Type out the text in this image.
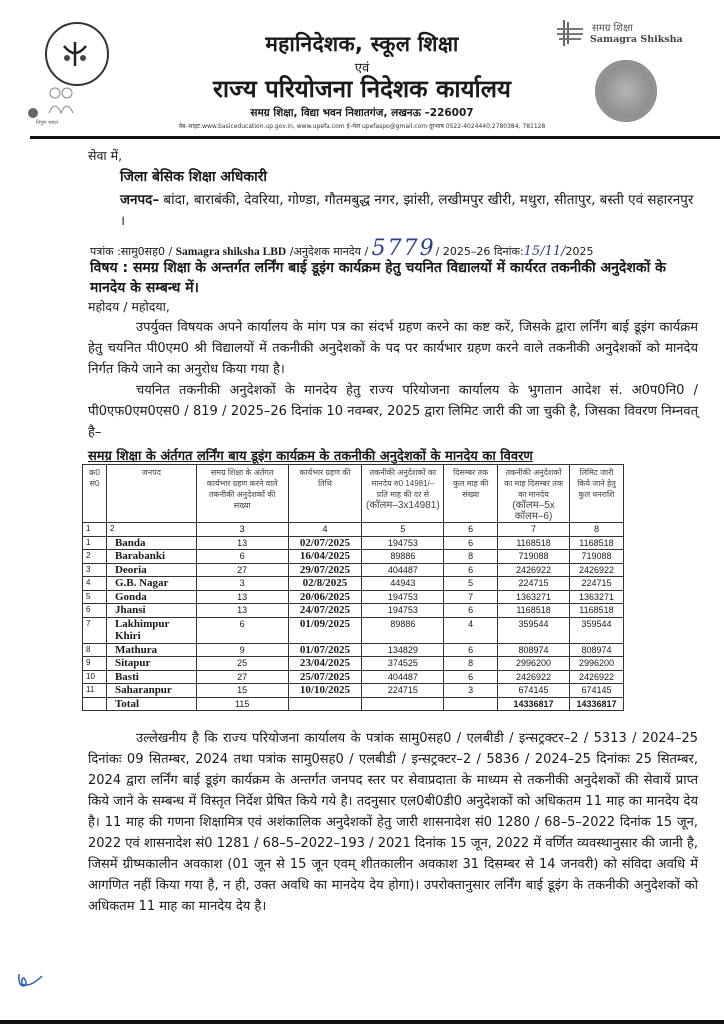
निपुण भारत
महानिदेशक, स्कूल शिक्षा
एवं
राज्य परियोजना निदेशक कार्यालय
समग्र शिक्षा, विद्या भवन निशातगंज, लखनऊ –226007
वेब–साइट:www.basiceducation.up.gov.in, www.upefa.com ई–मेल upefaspo@gmail.com दूरभाष 0522-4024440,2780384, 781128
समग्र शिक्षा
Samagra Shiksha
सेवा में,
जिला बेसिक शिक्षा अधिकारी
जनपद– बांदा, बाराबंकी, देवरिया, गोण्डा, गौतमबुद्ध नगर, झांसी, लखीमपुर खीरी, मथुरा, सीतापुर, बस्ती एवं सहारनपुर ।
पत्रांक :सामु0सह0 / Samagra shiksha LBD /अनुदेशक मानदेय / 5779/ 2025–26 दिनांक:15/11/2025
विषय : समग्र शिक्षा के अन्तर्गत लर्निंग बाई डूइंग कार्यक्रम हेतु चयनित विद्यालयों में कार्यरत तकनीकी अनुदेशकों के मानदेय के सम्बन्ध में।
महोदय / महोदया,
उपर्युक्त विषयक अपने कार्यालय के मांग पत्र का संदर्भ ग्रहण करने का कष्ट करें, जिसके द्वारा लर्निंग बाई डूइंग कार्यक्रम हेतु चयनित पी0एम0 श्री विद्यालयों में तकनीकी अनुदेशकों के पद पर कार्यभार ग्रहण करने वाले तकनीकी अनुदेशकों को मानदेय निर्गत किये जाने का अनुरोध किया गया है।
चयनित तकनीकी अनुदेशकों के मानदेय हेतु राज्य परियोजना कार्यालय के भुगतान आदेश सं. अ0प0नि0 / पी0एफ0एम0एस0 / 819 / 2025–26 दिनांक 10 नवम्बर, 2025 द्वारा लिमिट जारी की जा चुकी है, जिसका विवरण निम्नवत् है–
समग्र शिक्षा के अंर्तगत लर्निंग बाय डूइंग कार्यक्रम के तकनीकी अनुदेशकों के मानदेय का विवरण
क्र0 सं0	जनपद	समग्र शिक्षा के अंर्तगत कार्यभार ग्रहण करने वाले तकनीकी अनुदेशकों की संख्या	कार्यभार ग्रहण की तिथि	तकनीकी अनुदेशकों का मानदेय रु0 14981/– प्रति माह की दर से
(कॉलम–3x14981)	दिसम्बर तक कुल माह की संख्या	तकनीकी अनुदेशकों का माह दिसम्बर तक का मानदेय
(कॉलम–5x कॉलम–6)	लिमिट जारी किये जाने हेतु कुल धनराशि
1	2	3	4	5	6	7	8
1	Banda	13	02/07/2025	194753	6	1168518	1168518
2	Barabanki	6	16/04/2025	89886	8	719088	719088
3	Deoria	27	29/07/2025	404487	6	2426922	2426922
4	G.B. Nagar	3	02/8/2025	44943	5	224715	224715
5	Gonda	13	20/06/2025	194753	7	1363271	1363271
6	Jhansi	13	24/07/2025	194753	6	1168518	1168518
7	Lakhimpur Khiri	6	01/09/2025	89886	4	359544	359544
8	Mathura	9	01/07/2025	134829	6	808974	808974
9	Sitapur	25	23/04/2025	374525	8	2996200	2996200
10	Basti	27	25/07/2025	404487	6	2426922	2426922
11	Saharanpur	15	10/10/2025	224715	3	674145	674145
	Total	115				14336817	14336817
उल्लेखनीय है कि राज्य परियोजना कार्यालय के पत्रांक सामु0सह0 / एलबीडी / इन्सट्रक्टर–2 / 5313 / 2024–25 दिनांकः 09 सितम्बर, 2024 तथा पत्रांक सामु0सह0 / एलबीडी / इन्सट्रक्टर–2 / 5836 / 2024–25 दिनांकः 25 सितम्बर, 2024 द्वारा लर्निंग बाई डूइंग कार्यक्रम के अन्तर्गत जनपद स्तर पर सेवाप्रदाता के माध्यम से तकनीकी अनुदेशकों की सेवायें प्राप्त किये जाने के सम्बन्ध में विस्तृत निर्देश प्रेषित किये गये है। तदनुसार एल0बी0डी0 अनुदेशकों को अधिकतम 11 माह का मानदेय देय है। 11 माह की गणना शिक्षामित्र एवं अशंकालिक अनुदेशकों हेतु जारी शासनादेश सं0 1280 / 68–5–2022 दिनांक 15 जून, 2022 एवं शासनादेश सं0 1281 / 68–5–2022–193 / 2021 दिनांक 15 जून, 2022 में वर्णित व्यवस्थानुसार की जानी है, जिसमें ग्रीष्मकालीन अवकाश (01 जून से 15 जून एवम् शीतकालीन अवकाश 31 दिसम्बर से 14 जनवरी) को संविदा अवधि में आगणित नहीं किया गया है, न ही, उक्त अवधि का मानदेय देय होगा)। उपरोक्तानुसार लर्निंग बाई डूइंग के तकनीकी अनुदेशकों को अधिकतम 11 माह का मानदेय देय है।
